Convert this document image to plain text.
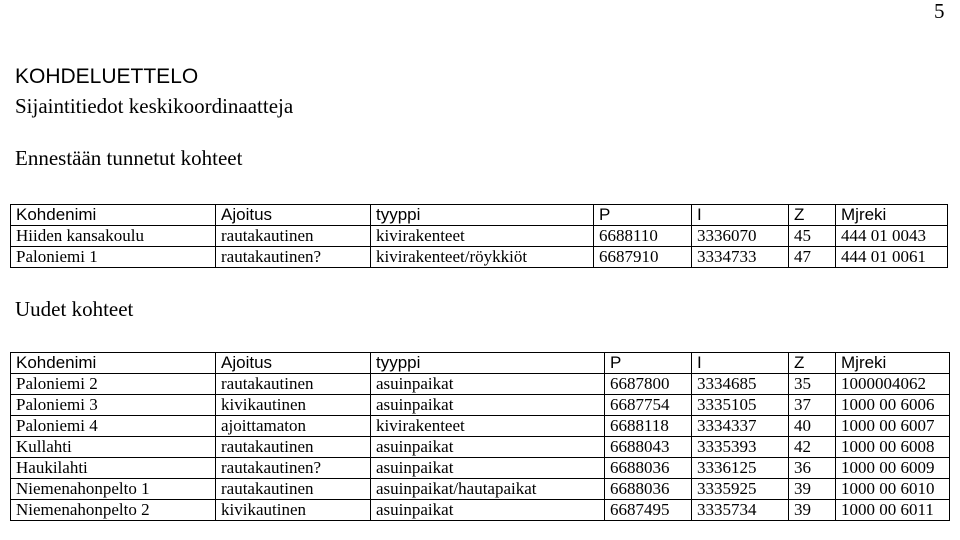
5
KOHDELUETTELO
Sijaintitiedot keskikoordinaatteja
Ennestään tunnetut kohteet
Kohdenimi	Ajoitus	tyyppi	P	I	Z	Mjreki
Hiiden kansakoulu	rautakautinen	kivirakenteet	6688110	3336070	45	444 01 0043
Paloniemi 1	rautakautinen?	kivirakenteet/röykkiöt	6687910	3334733	47	444 01 0061
Uudet kohteet
Kohdenimi	Ajoitus	tyyppi	P	I	Z	Mjreki
Paloniemi 2	rautakautinen	asuinpaikat	6687800	3334685	35	1000004062
Paloniemi 3	kivikautinen	asuinpaikat	6687754	3335105	37	1000 00 6006
Paloniemi 4	ajoittamaton	kivirakenteet	6688118	3334337	40	1000 00 6007
Kullahti	rautakautinen	asuinpaikat	6688043	3335393	42	1000 00 6008
Haukilahti	rautakautinen?	asuinpaikat	6688036	3336125	36	1000 00 6009
Niemenahonpelto 1	rautakautinen	asuinpaikat/hautapaikat	6688036	3335925	39	1000 00 6010
Niemenahonpelto 2	kivikautinen	asuinpaikat	6687495	3335734	39	1000 00 6011
